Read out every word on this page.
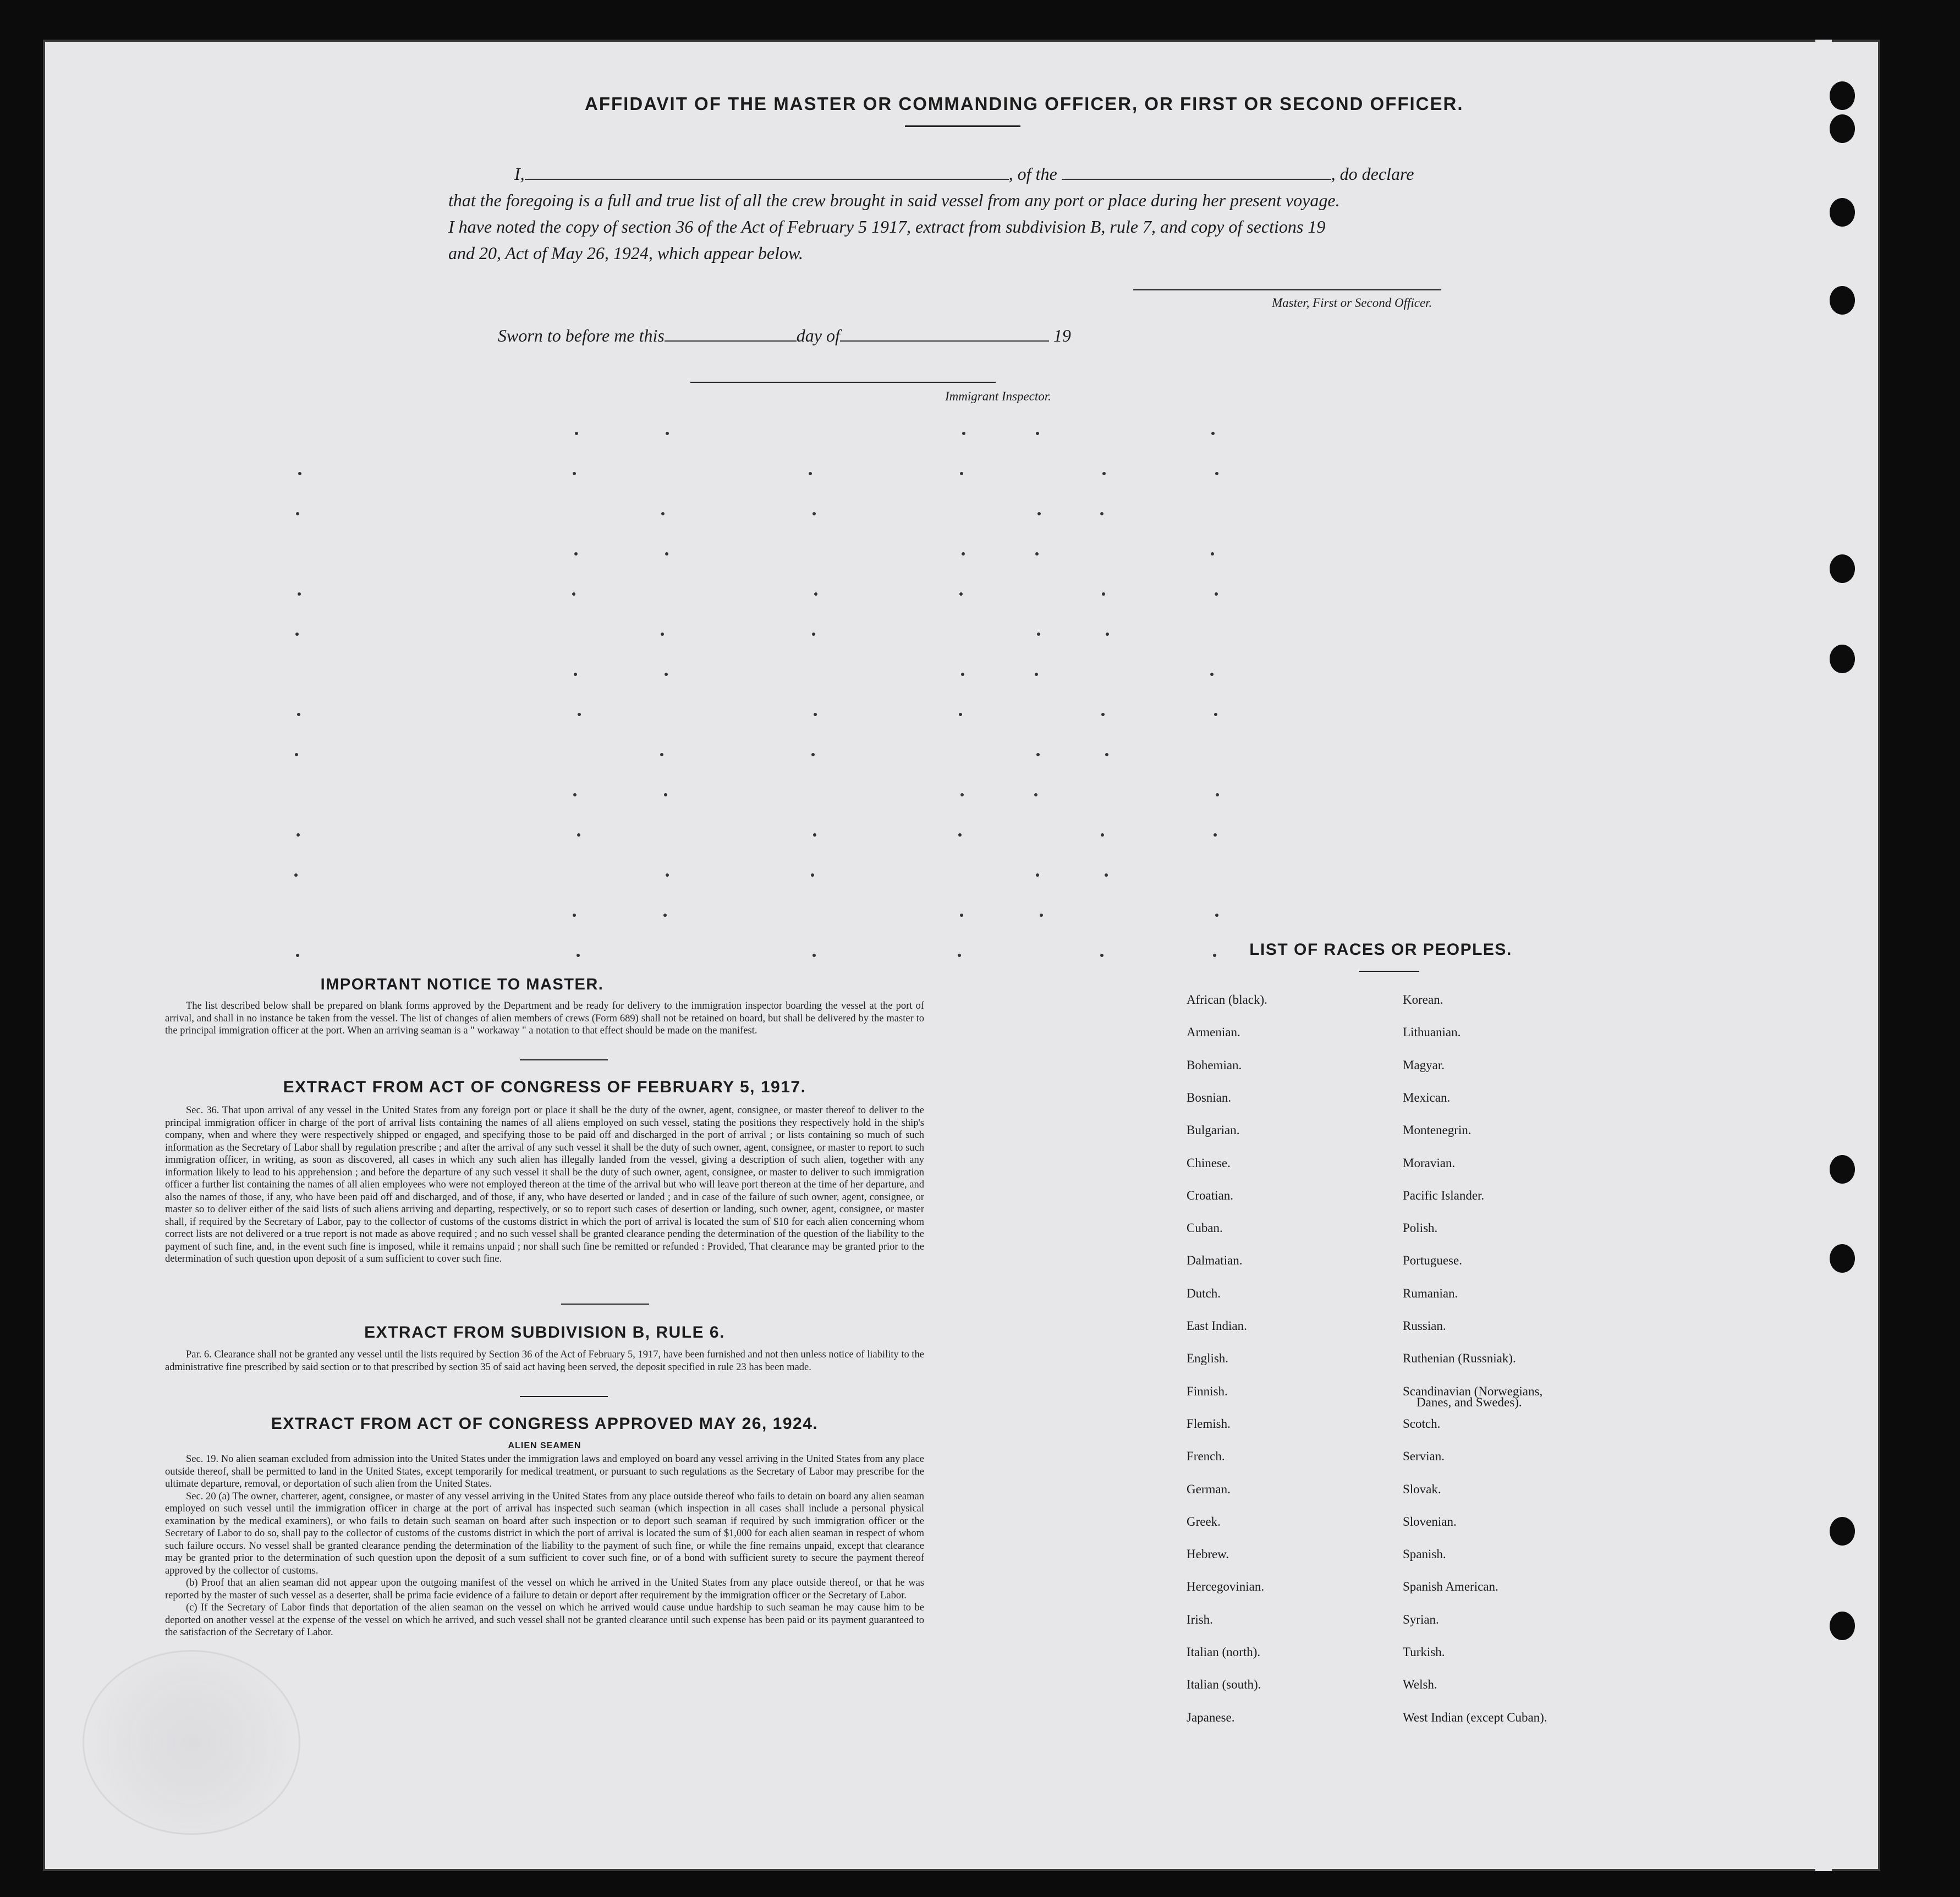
AFFIDAVIT OF THE MASTER OR COMMANDING OFFICER, OR FIRST OR SECOND OFFICER.
I,	, of the	, do declare
that the foregoing is a full and true list of all the crew brought in said vessel from any port or place during her present voyage.
I have noted the copy of section 36 of the Act of February 5 1917, extract from subdivision B, rule 7, and copy of sections 19
and 20, Act of May 26, 1924, which appear below.
Master, First or Second Officer.
Sworn to before me this	day of	19
Immigrant Inspector.
IMPORTANT NOTICE TO MASTER.

The list described below shall be prepared on blank forms approved by the Department and be ready for delivery to the immigration inspector boarding the vessel at the port of arrival, and shall in no instance be taken from the vessel. The list of changes of alien members of crews (Form 689) shall not be retained on board, but shall be delivered by the master to the principal immigration officer at the port. When an arriving seaman is a " workaway " a notation to that effect should be made on the manifest.

EXTRACT FROM ACT OF CONGRESS OF FEBRUARY 5, 1917.

Sec. 36. That upon arrival of any vessel in the United States from any foreign port or place it shall be the duty of the owner, agent, consignee, or master thereof to deliver to the principal immigration officer in charge of the port of arrival lists containing the names of all aliens employed on such vessel, stating the positions they respectively hold in the ship's company, when and where they were respectively shipped or engaged, and specifying those to be paid off and discharged in the port of arrival ; or lists containing so much of such information as the Secretary of Labor shall by regulation prescribe ; and after the arrival of any such vessel it shall be the duty of such owner, agent, consignee, or master to report to such immigration officer, in writing, as soon as discovered, all cases in which any such alien has illegally landed from the vessel, giving a description of such alien, together with any information likely to lead to his apprehension ; and before the departure of any such vessel it shall be the duty of such owner, agent, consignee, or master to deliver to such immigration officer a further list containing the names of all alien employees who were not employed thereon at the time of the arrival but who will leave port thereon at the time of her departure, and also the names of those, if any, who have been paid off and discharged, and of those, if any, who have deserted or landed ; and in case of the failure of such owner, agent, consignee, or master so to deliver either of the said lists of such aliens arriving and departing, respectively, or so to report such cases of desertion or landing, such owner, agent, consignee, or master shall, if required by the Secretary of Labor, pay to the collector of customs of the customs district in which the port of arrival is located the sum of $10 for each alien concerning whom correct lists are not delivered or a true report is not made as above required ; and no such vessel shall be granted clearance pending the determination of the question of the liability to the payment of such fine, and, in the event such fine is imposed, while it remains unpaid ; nor shall such fine be remitted or refunded : Provided, That clearance may be granted prior to the determination of such question upon deposit of a sum sufficient to cover such fine.

EXTRACT FROM SUBDIVISION B, RULE 6.

Par. 6. Clearance shall not be granted any vessel until the lists required by Section 36 of the Act of February 5, 1917, have been furnished and not then unless notice of liability to the administrative fine prescribed by said section or to that prescribed by section 35 of said act having been served, the deposit specified in rule 23 has been made.

EXTRACT FROM ACT OF CONGRESS APPROVED MAY 26, 1924.
ALIEN SEAMEN

Sec. 19. No alien seaman excluded from admission into the United States under the immigration laws and employed on board any vessel arriving in the United States from any place outside thereof, shall be permitted to land in the United States, except temporarily for medical treatment, or pursuant to such regulations as the Secretary of Labor may prescribe for the ultimate departure, removal, or deportation of such alien from the United States.

Sec. 20 (a) The owner, charterer, agent, consignee, or master of any vessel arriving in the United States from any place outside thereof who fails to detain on board any alien seaman employed on such vessel until the immigration officer in charge at the port of arrival has inspected such seaman (which inspection in all cases shall include a personal physical examination by the medical examiners), or who fails to detain such seaman on board after such inspection or to deport such seaman if required by such immigration officer or the Secretary of Labor to do so, shall pay to the collector of customs of the customs district in which the port of arrival is located the sum of $1,000 for each alien seaman in respect of whom such failure occurs. No vessel shall be granted clearance pending the determination of the liability to the payment of such fine, or while the fine remains unpaid, except that clearance may be granted prior to the determination of such question upon the deposit of a sum sufficient to cover such fine, or of a bond with sufficient surety to secure the payment thereof approved by the collector of customs.

(b) Proof that an alien seaman did not appear upon the outgoing manifest of the vessel on which he arrived in the United States from any place outside thereof, or that he was reported by the master of such vessel as a deserter, shall be prima facie evidence of a failure to detain or deport after requirement by the immigration officer or the Secretary of Labor.

(c) If the Secretary of Labor finds that deportation of the alien seaman on the vessel on which he arrived would cause undue hardship to such seaman he may cause him to be deported on another vessel at the expense of the vessel on which he arrived, and such vessel shall not be granted clearance until such expense has been paid or its payment guaranteed to the satisfaction of the Secretary of Labor.

LIST OF RACES OR PEOPLES.
African (black).
Armenian.
Bohemian.
Bosnian.
Bulgarian.
Chinese.
Croatian.
Cuban.
Dalmatian.
Dutch.
East Indian.
English.
Finnish.
Flemish.
French.
German.
Greek.
Hebrew.
Hercegovinian.
Irish.
Italian (north).
Italian (south).
Japanese.
Korean.
Lithuanian.
Magyar.
Mexican.
Montenegrin.
Moravian.
Pacific Islander.
Polish.
Portuguese.
Rumanian.
Russian.
Ruthenian (Russniak).
Scandinavian (Norwegians,
Scotch.
Servian.
Slovak.
Slovenian.
Spanish.
Spanish American.
Syrian.
Turkish.
Welsh.
West Indian (except Cuban).
Danes, and Swedes).
